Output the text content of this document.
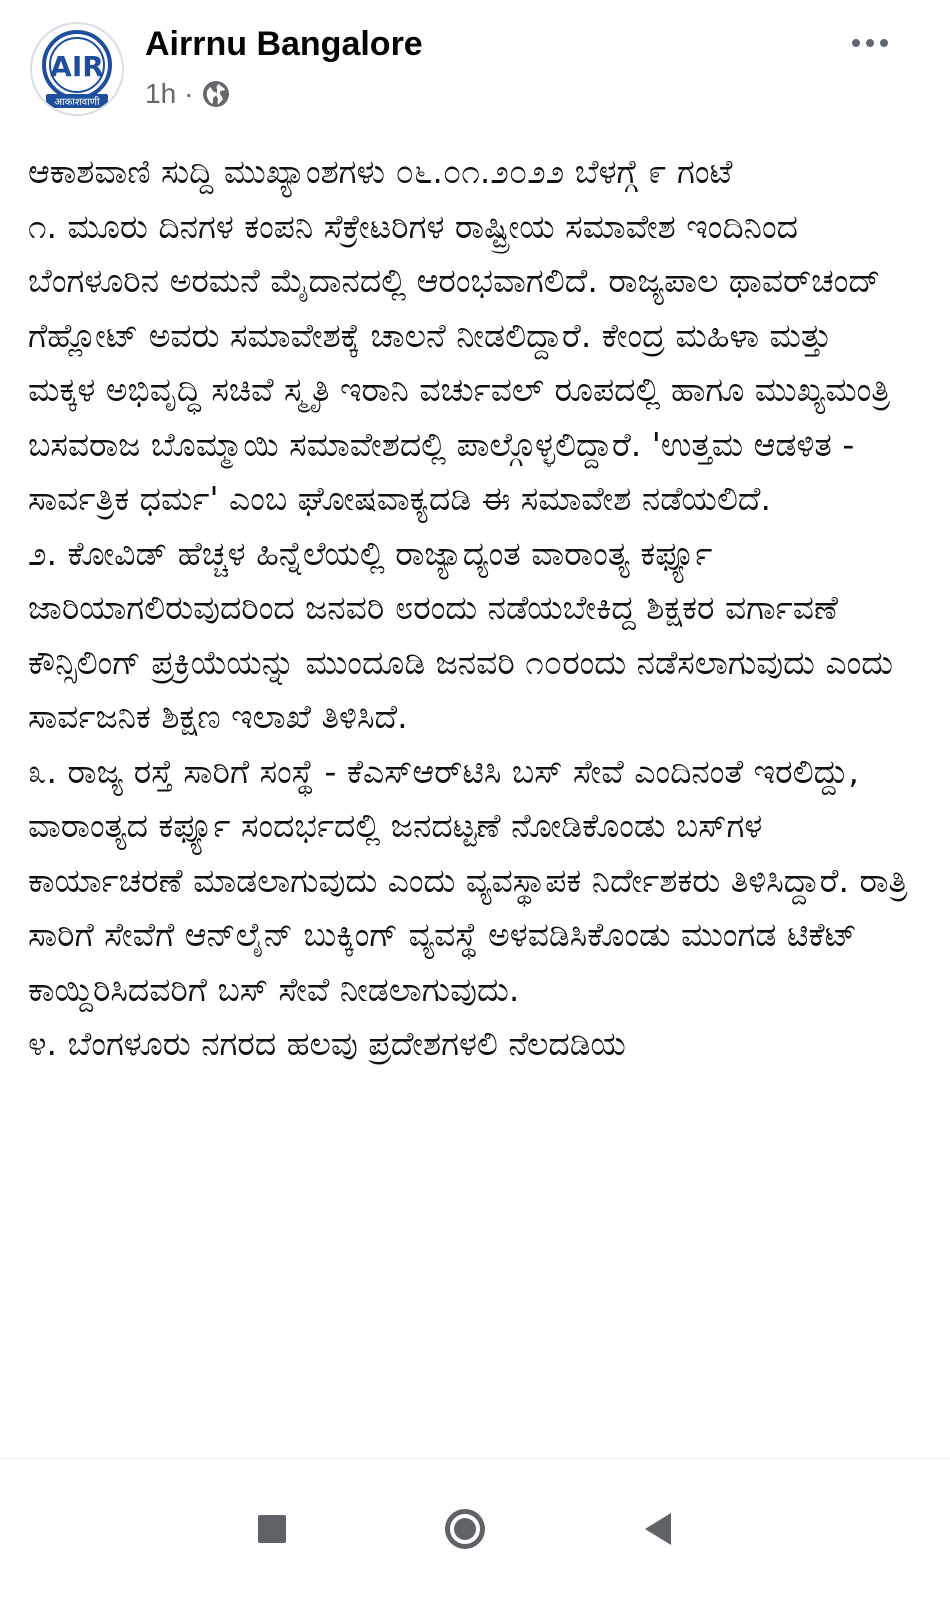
AIR
आकाशवाणी
Airrnu Bangalore
1h ·

ಆಕಾಶವಾಣಿ ಸುದ್ದಿ ಮುಖ್ಯಾಂಶಗಳು ೦೬.೦೧.೨೦೨೨ ಬೆಳಗ್ಗೆ ೯ ಗಂಟೆ

೧. ಮೂರು ದಿನಗಳ ಕಂಪನಿ ಸೆಕ್ರೇಟರಿಗಳ ರಾಷ್ಟ್ರೀಯ ಸಮಾವೇಶ ಇಂದಿನಿಂದ ಬೆಂಗಳೂರಿನ ಅರಮನೆ ಮೈದಾನದಲ್ಲಿ ಆರಂಭವಾಗಲಿದೆ. ರಾಜ್ಯಪಾಲ ಥಾವರ್‌ಚಂದ್ ಗೆಹ್ಲೋಟ್ ಅವರು ಸಮಾವೇಶಕ್ಕೆ ಚಾಲನೆ ನೀಡಲಿದ್ದಾರೆ. ಕೇಂದ್ರ ಮಹಿಳಾ ಮತ್ತು ಮಕ್ಕಳ ಅಭಿವೃದ್ಧಿ ಸಚಿವೆ ಸ್ಮೃತಿ ಇರಾನಿ ವರ್ಚುವಲ್ ರೂಪದಲ್ಲಿ ಹಾಗೂ ಮುಖ್ಯಮಂತ್ರಿ ಬಸವರಾಜ ಬೊಮ್ಮಾಯಿ ಸಮಾವೇಶದಲ್ಲಿ ಪಾಲ್ಗೊಳ್ಳಲಿದ್ದಾರೆ. 'ಉತ್ತಮ ಆಡಳಿತ - ಸಾರ್ವತ್ರಿಕ ಧರ್ಮ' ಎಂಬ ಘೋಷವಾಕ್ಯದಡಿ ಈ ಸಮಾವೇಶ ನಡೆಯಲಿದೆ.

೨. ಕೋವಿಡ್ ಹೆಚ್ಚಳ ಹಿನ್ನೆಲೆಯಲ್ಲಿ ರಾಜ್ಯಾದ್ಯಂತ ವಾರಾಂತ್ಯ ಕರ್ಫ್ಯೂ ಜಾರಿಯಾಗಲಿರುವುದರಿಂದ ಜನವರಿ ೮ರಂದು ನಡೆಯಬೇಕಿದ್ದ ಶಿಕ್ಷಕರ ವರ್ಗಾವಣೆ ಕೌನ್ಸಿಲಿಂಗ್ ಪ್ರಕ್ರಿಯೆಯನ್ನು ಮುಂದೂಡಿ ಜನವರಿ ೧೦ರಂದು ನಡೆಸಲಾಗುವುದು ಎಂದು ಸಾರ್ವಜನಿಕ ಶಿಕ್ಷಣ ಇಲಾಖೆ ತಿಳಿಸಿದೆ.

೩. ರಾಜ್ಯ ರಸ್ತೆ ಸಾರಿಗೆ ಸಂಸ್ಥೆ - ಕೆಎಸ್‌ಆರ್‌ಟಿಸಿ ಬಸ್ ಸೇವೆ ಎಂದಿನಂತೆ ಇರಲಿದ್ದು, ವಾರಾಂತ್ಯದ ಕರ್ಫ್ಯೂ ಸಂದರ್ಭದಲ್ಲಿ ಜನದಟ್ಟಣೆ ನೋಡಿಕೊಂಡು ಬಸ್‌ಗಳ ಕಾರ್ಯಾಚರಣೆ ಮಾಡಲಾಗುವುದು ಎಂದು ವ್ಯವಸ್ಥಾಪಕ ನಿರ್ದೇಶಕರು ತಿಳಿಸಿದ್ದಾರೆ. ರಾತ್ರಿ ಸಾರಿಗೆ ಸೇವೆಗೆ ಆನ್‌ಲೈನ್ ಬುಕ್ಕಿಂಗ್ ವ್ಯವಸ್ಥೆ ಅಳವಡಿಸಿಕೊಂಡು ಮುಂಗಡ ಟಿಕೆಟ್ ಕಾಯ್ದಿರಿಸಿದವರಿಗೆ ಬಸ್ ಸೇವೆ ನೀಡಲಾಗುವುದು.

೪. ಬೆಂಗಳೂರು ನಗರದ ಹಲವು ಪ್ರದೇಶಗಳಲಿ ನೆಲದಡಿಯ
